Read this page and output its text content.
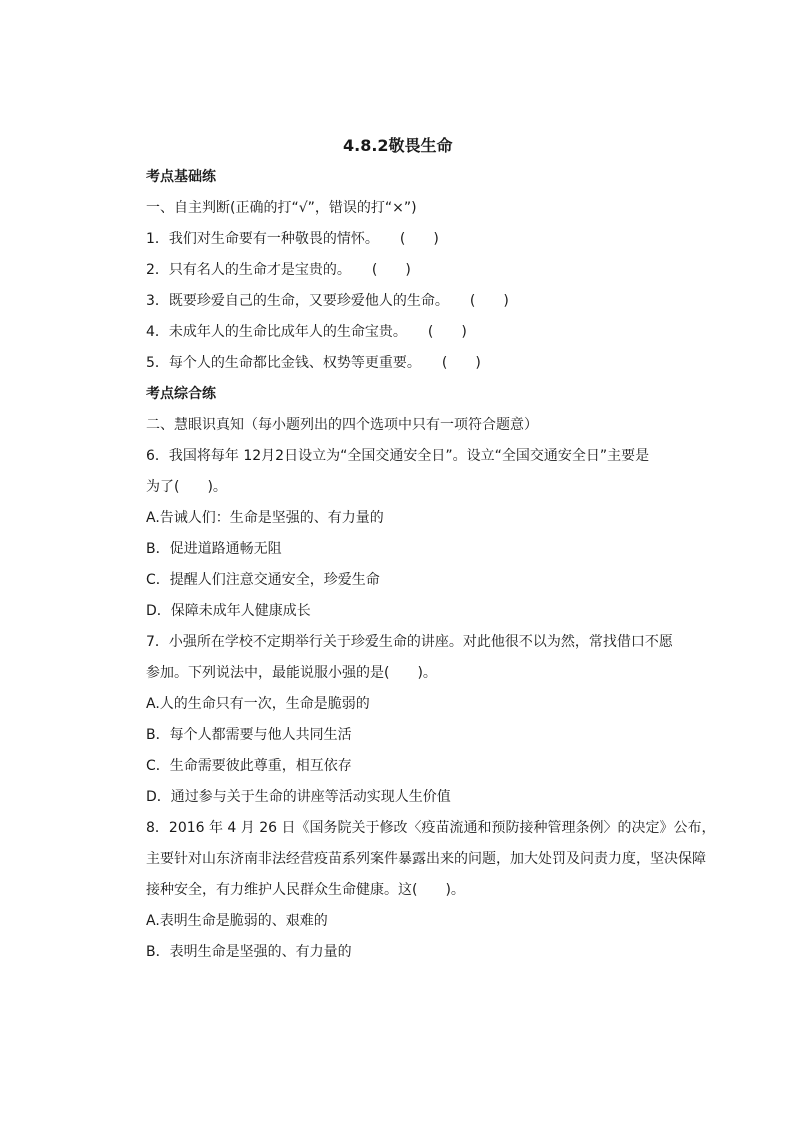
4.8.2敬畏生命
考点基础练
一、自主判断(正确的打“√”，错误的打“×”)
1．我们对生命要有一种敬畏的情怀。　　(　　)
2．只有名人的生命才是宝贵的。　　(　　)
3．既要珍爱自己的生命，又要珍爱他人的生命。　　(　　)
4．未成年人的生命比成年人的生命宝贵。　　(　　)
5．每个人的生命都比金钱、权势等更重要。　　(　　)
考点综合练
二、慧眼识真知（每小题列出的四个选项中只有一项符合题意）
6．我国将每年 12月2日设立为“全国交通安全日”。设立“全国交通安全日”主要是
为了(　　)。
A.告诫人们：生命是坚强的、有力量的
B．促进道路通畅无阻
C．提醒人们注意交通安全，珍爱生命
D．保障未成年人健康成长
7．小强所在学校不定期举行关于珍爱生命的讲座。对此他很不以为然，常找借口不愿
参加。下列说法中，最能说服小强的是(　　)。
A.人的生命只有一次，生命是脆弱的
B．每个人都需要与他人共同生活
C．生命需要彼此尊重，相互依存
D．通过参与关于生命的讲座等活动实现人生价值
8．2016 年 4 月 26 日《国务院关于修改〈疫苗流通和预防接种管理条例〉的决定》公布，
主要针对山东济南非法经营疫苗系列案件暴露出来的问题，加大处罚及问责力度，坚决保障
接种安全，有力维护人民群众生命健康。这(　　)。
A.表明生命是脆弱的、艰难的
B．表明生命是坚强的、有力量的
